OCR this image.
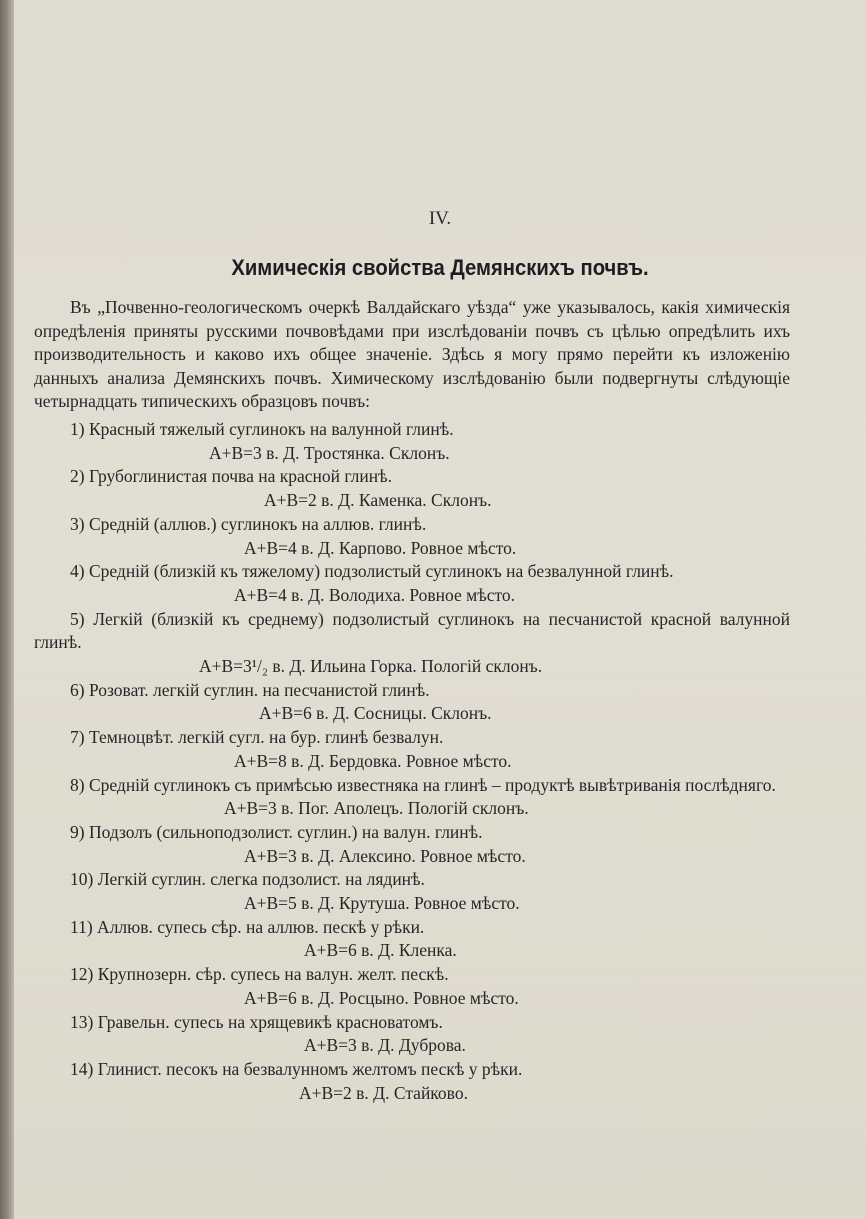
IV.
Химическія свойства Демянскихъ почвъ.

Въ „Почвенно-геологическомъ очеркѣ Валдайскаго уѣзда“ уже указывалось, какія химическія опредѣленія приняты русскими почвовѣдами при изслѣдованіи почвъ съ цѣлью опредѣлить ихъ производительность и каково ихъ общее значеніе. Здѣсь я могу прямо перейти къ изложенію данныхъ анализа Демянскихъ почвъ. Химическому изслѣдованію были подвергнуты слѣдующіе четырнадцать типическихъ образцовъ почвъ:

1) Красный тяжелый суглинокъ на валунной глинѣ.
А+В=3 в. Д. Тростянка. Склонъ.
2) Грубоглинистая почва на красной глинѣ.
А+В=2 в. Д. Каменка. Склонъ.
3) Средній (аллюв.) суглинокъ на аллюв. глинѣ.
А+В=4 в. Д. Карпово. Ровное мѣсто.
4) Средній (близкій къ тяжелому) подзолистый суглинокъ на безвалунной глинѣ.
А+В=4 в. Д. Володиха. Ровное мѣсто.
5) Легкій (близкій къ среднему) подзолистый суглинокъ на песчанистой красной валунной глинѣ.
А+В=3¹/₂ в. Д. Ильина Горка. Пологій склонъ.
6) Розоват. легкій суглин. на песчанистой глинѣ.
А+В=6 в. Д. Сосницы. Склонъ.
7) Темноцвѣт. легкій сугл. на бур. глинѣ безвалун.
А+В=8 в. Д. Бердовка. Ровное мѣсто.
8) Средній суглинокъ съ примѣсью известняка на глинѣ – продуктѣ вывѣтриванія послѣдняго.
А+В=3 в. Пог. Аполецъ. Пологій склонъ.
9) Подзолъ (сильноподзолист. суглин.) на валун. глинѣ.
А+В=3 в. Д. Алексино. Ровное мѣсто.
10) Легкій суглин. слегка подзолист. на лядинѣ.
А+В=5 в. Д. Крутуша. Ровное мѣсто.
11) Аллюв. супесь сѣр. на аллюв. пескѣ у рѣки.
А+В=6 в. Д. Кленка.
12) Крупнозерн. сѣр. супесь на валун. желт. пескѣ.
А+В=6 в. Д. Росцыно. Ровное мѣсто.
13) Гравельн. супесь на хрящевикѣ красноватомъ.
А+В=3 в. Д. Дуброва.
14) Глинист. песокъ на безвалунномъ желтомъ пескѣ у рѣки.
А+В=2 в. Д. Стайково.
